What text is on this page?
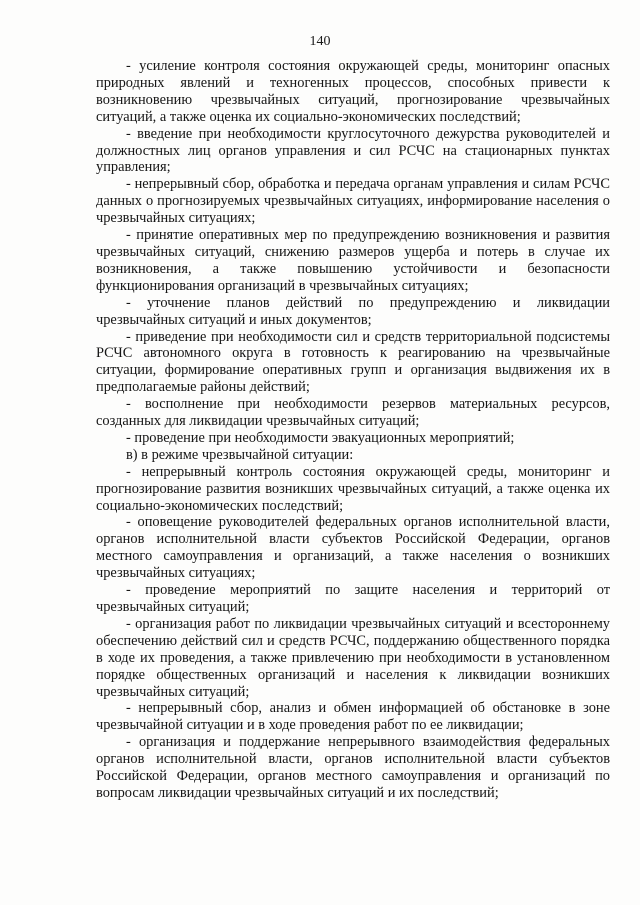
140

- усиление контроля состояния окружающей среды, мониторинг опасных природных явлений и техногенных процессов, способных привести к возникновению чрезвычайных ситуаций, прогнозирование чрезвычайных ситуаций, а также оценка их социально-экономических последствий;

- введение при необходимости круглосуточного дежурства руководителей и должностных лиц органов управления и сил РСЧС на стационарных пунктах управления;

- непрерывный сбор, обработка и передача органам управления и силам РСЧС данных о прогнозируемых чрезвычайных ситуациях, информирование населения о чрезвычайных ситуациях;

- принятие оперативных мер по предупреждению возникновения и развития чрезвычайных ситуаций, снижению размеров ущерба и потерь в случае их возникновения, а также повышению устойчивости и безопасности функционирования организаций в чрезвычайных ситуациях;

- уточнение планов действий по предупреждению и ликвидации чрезвычайных ситуаций и иных документов;

- приведение при необходимости сил и средств территориальной подсистемы РСЧС автономного округа в готовность к реагированию на чрезвычайные ситуации, формирование оперативных групп и организация выдвижения их в предполагаемые районы действий;

- восполнение при необходимости резервов материальных ресурсов, созданных для ликвидации чрезвычайных ситуаций;

- проведение при необходимости эвакуационных мероприятий;

в) в режиме чрезвычайной ситуации:

- непрерывный контроль состояния окружающей среды, мониторинг и прогнозирование развития возникших чрезвычайных ситуаций, а также оценка их социально-экономических последствий;

- оповещение руководителей федеральных органов исполнительной власти, органов исполнительной власти субъектов Российской Федерации, органов местного самоуправления и организаций, а также населения о возникших чрезвычайных ситуациях;

- проведение мероприятий по защите населения и территорий от чрезвычайных ситуаций;

- организация работ по ликвидации чрезвычайных ситуаций и всестороннему обеспечению действий сил и средств РСЧС, поддержанию общественного порядка в ходе их проведения, а также привлечению при необходимости в установленном порядке общественных организаций и населения к ликвидации возникших чрезвычайных ситуаций;

- непрерывный сбор, анализ и обмен информацией об обстановке в зоне чрезвычайной ситуации и в ходе проведения работ по ее ликвидации;

- организация и поддержание непрерывного взаимодействия федеральных органов исполнительной власти, органов исполнительной власти субъектов Российской Федерации, органов местного самоуправления и организаций по вопросам ликвидации чрезвычайных ситуаций и их последствий;
